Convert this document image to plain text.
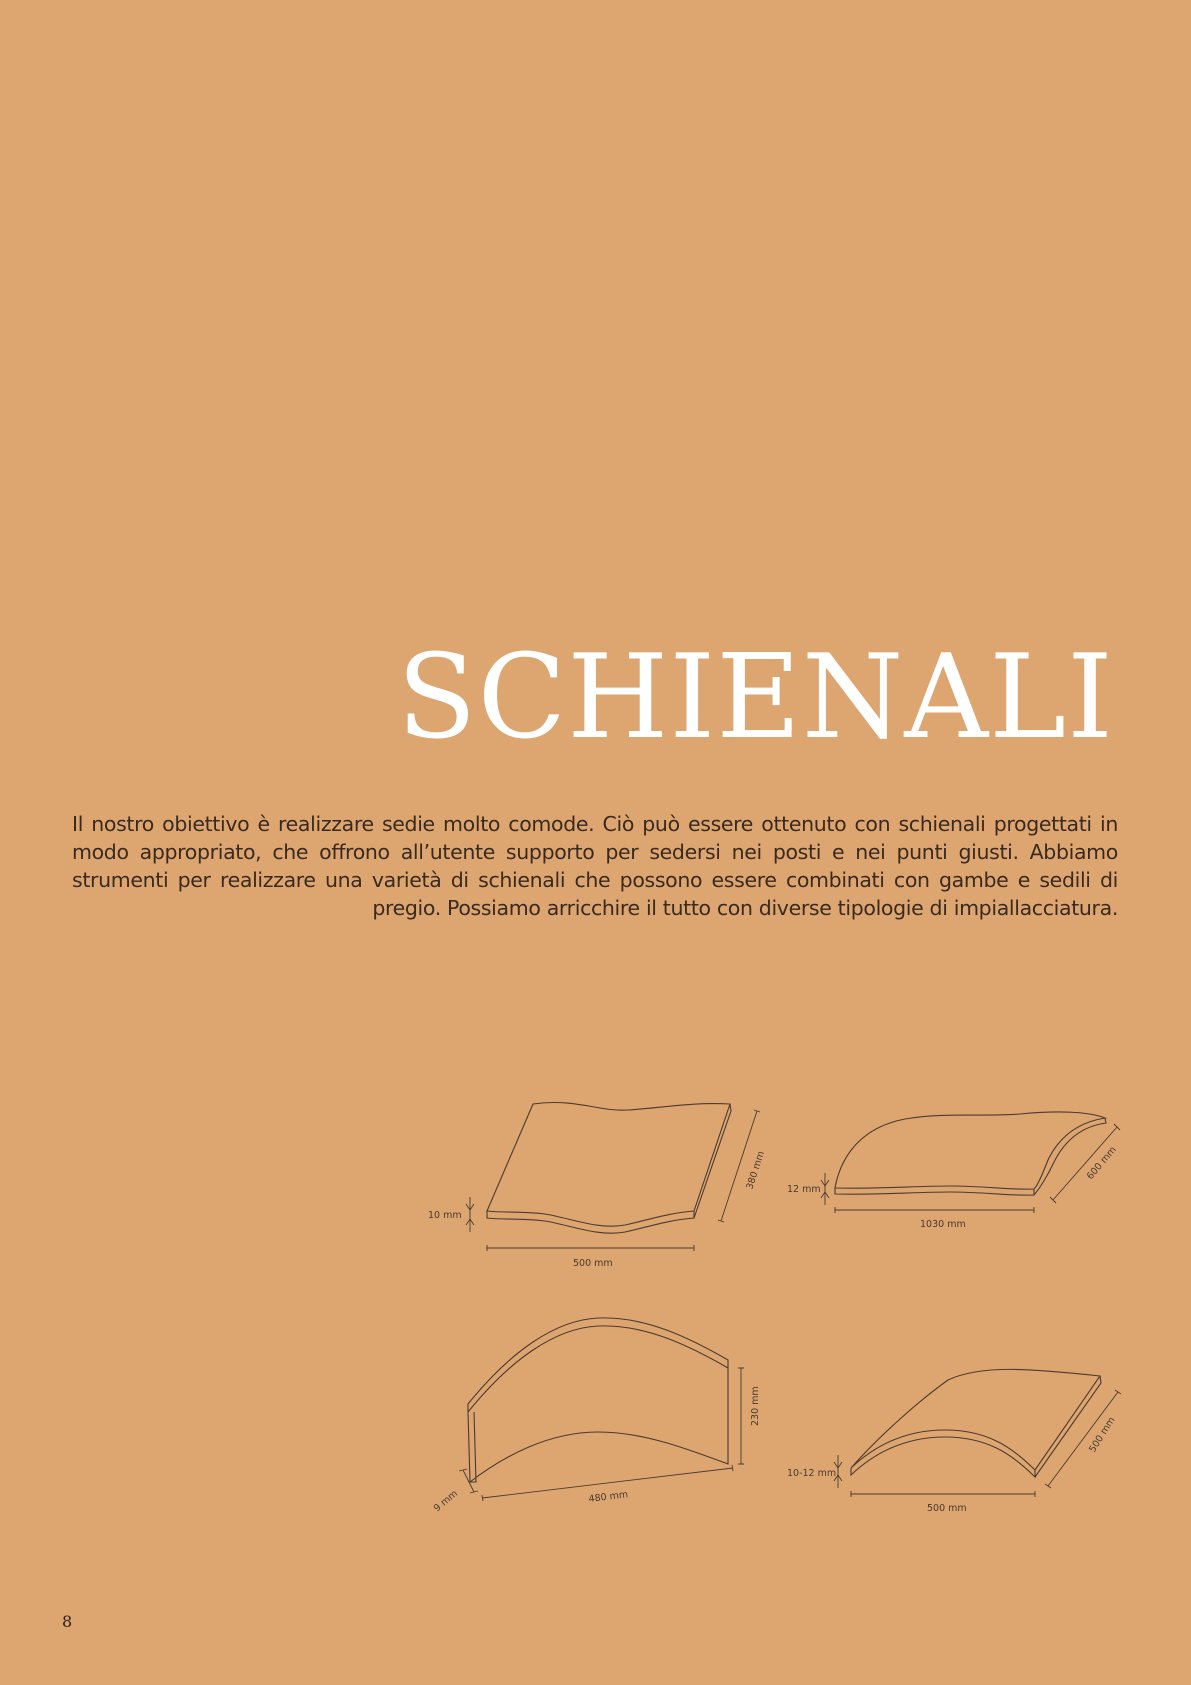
SCHIENALI

Il nostro obiettivo è realizzare sedie molto comode. Ciò può essere ottenuto con schienali progettati in modo appropriato, che offrono all’utente supporto per sedersi nei posti e nei punti giusti. Abbiamo strumenti per realizzare una varietà di schienali che possono essere combinati con gambe e sedili di pregio. Possiamo arricchire il tutto con diverse tipologie di impiallacciatura.

10 mm
500 mm
380 mm 12 mm
1030 mm
600 mm
230 mm
480 mm
9 mm
10-12 mm
500 mm
500 mm
8
